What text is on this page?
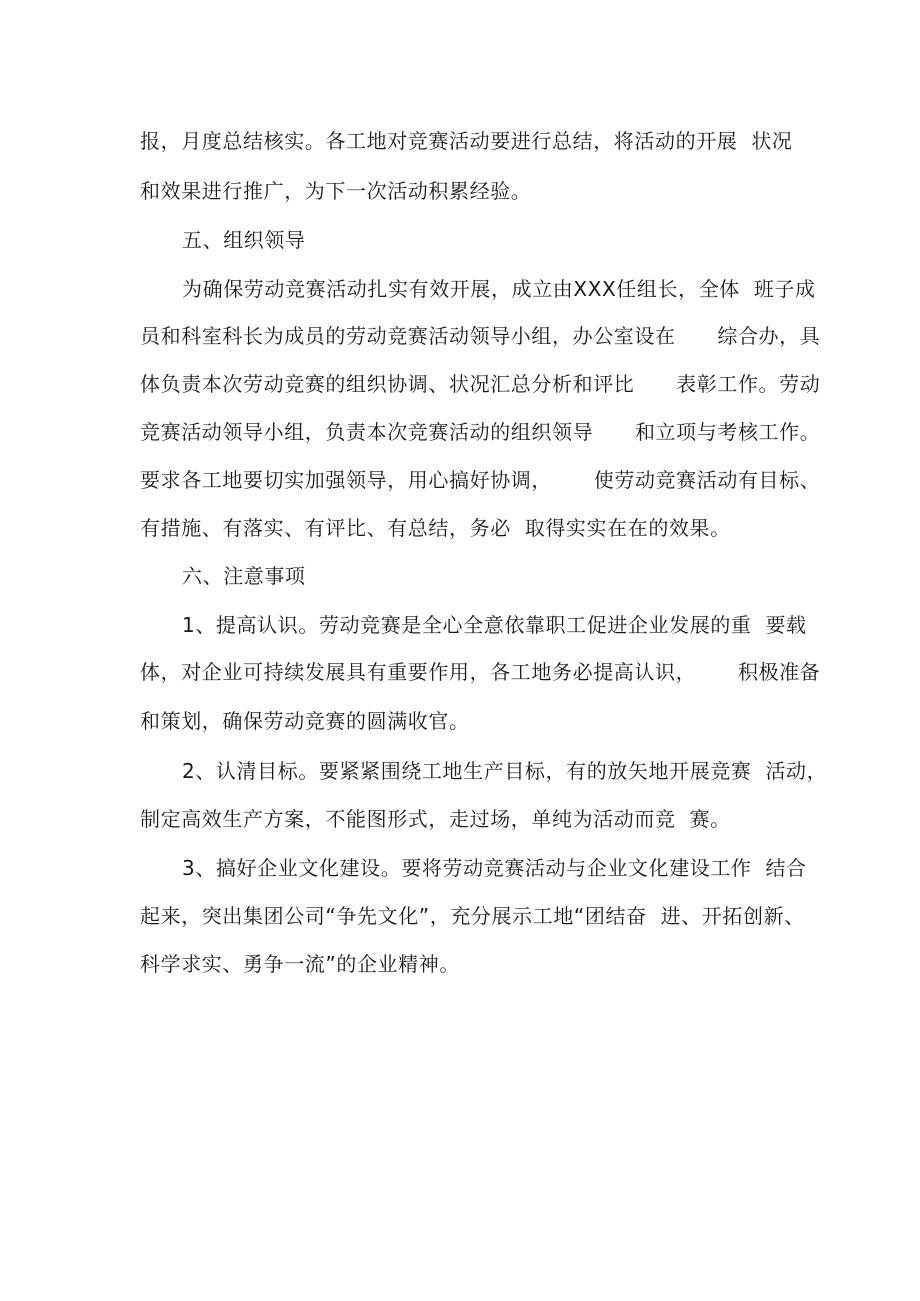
报，月度总结核实。各工地对竞赛活动要进行总结，将活动的开展  状况
和效果进行推广，为下一次活动积累经验。
五、组织领导
为确保劳动竞赛活动扎实有效开展，成立由XXX任组长，全体  班子成
员和科室科长为成员的劳动竞赛活动领导小组，办公室设在      综合办，具
体负责本次劳动竞赛的组织协调、状况汇总分析和评比      表彰工作。劳动
竞赛活动领导小组，负责本次竞赛活动的组织领导      和立项与考核工作。
要求各工地要切实加强领导，用心搞好协调，      使劳动竞赛活动有目标、
有措施、有落实、有评比、有总结，务必  取得实实在在的效果。
六、注意事项
1、提高认识。劳动竞赛是全心全意依靠职工促进企业发展的重  要载
体，对企业可持续发展具有重要作用，各工地务必提高认识，      积极准备
和策划，确保劳动竞赛的圆满收官。
2、认清目标。要紧紧围绕工地生产目标，有的放矢地开展竞赛  活动，
制定高效生产方案，不能图形式，走过场，单纯为活动而竞  赛。
3、搞好企业文化建设。要将劳动竞赛活动与企业文化建设工作  结合
起来，突出集团公司“争先文化”，充分展示工地“团结奋  进、开拓创新、
科学求实、勇争一流”的企业精神。
